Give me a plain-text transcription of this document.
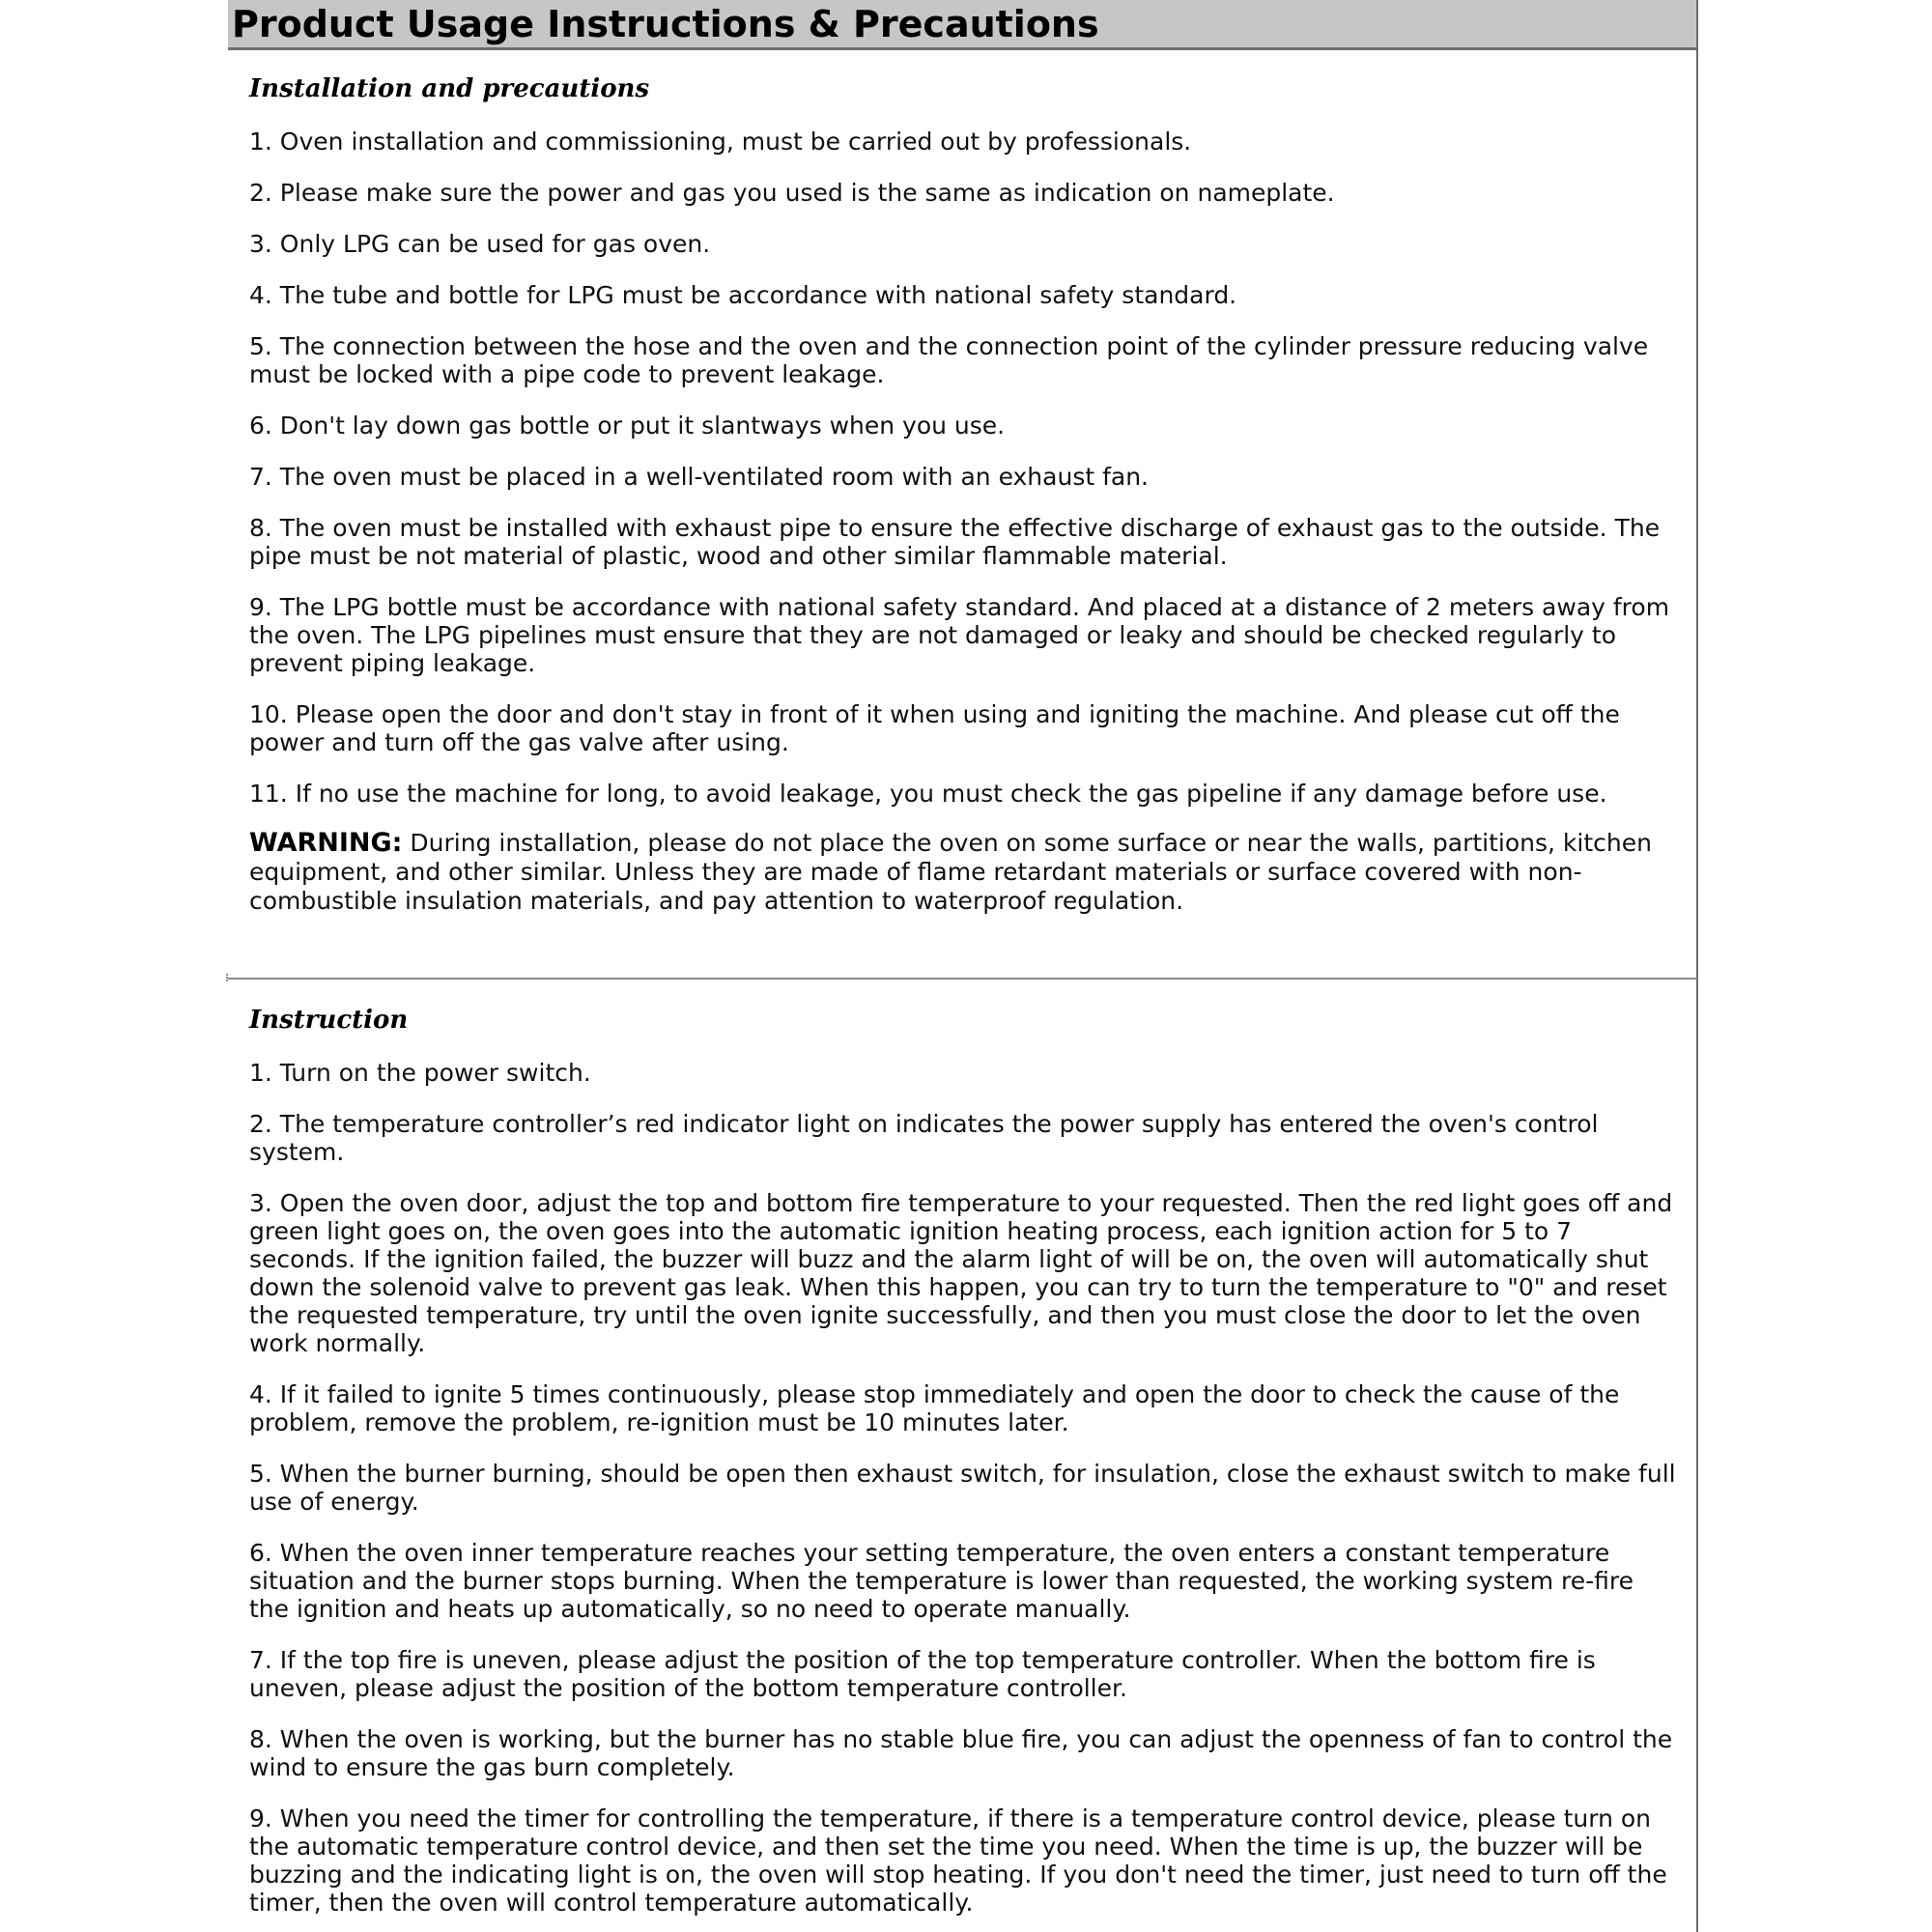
Product Usage Instructions & Precautions
Installation and precautions
1. Oven installation and commissioning, must be carried out by professionals.
2. Please make sure the power and gas you used is the same as indication on nameplate.
3. Only LPG can be used for gas oven.
4. The tube and bottle for LPG must be accordance with national safety standard.
5. The connection between the hose and the oven and the connection point of the cylinder pressure reducing valve must be locked with a pipe code to prevent leakage.
6. Don't lay down gas bottle or put it slantways when you use.
7. The oven must be placed in a well-ventilated room with an exhaust fan.
8. The oven must be installed with exhaust pipe to ensure the effective discharge of exhaust gas to the outside. The pipe must be not material of plastic, wood and other similar flammable material.
9. The LPG bottle must be accordance with national safety standard. And placed at a distance of 2 meters away from the oven. The LPG pipelines must ensure that they are not damaged or leaky and should be checked regularly to prevent piping leakage.
10. Please open the door and don't stay in front of it when using and igniting the machine. And please cut off the power and turn off the gas valve after using.
11. If no use the machine for long, to avoid leakage, you must check the gas pipeline if any damage before use.

WARNING: During installation, please do not place the oven on some surface or near the walls, partitions, kitchen equipment, and other similar. Unless they are made of flame retardant materials or surface covered with non-combustible insulation materials, and pay attention to waterproof regulation.

Instruction
1. Turn on the power switch.
2. The temperature controller’s red indicator light on indicates the power supply has entered the oven's control system.
3. Open the oven door, adjust the top and bottom fire temperature to your requested. Then the red light goes off and green light goes on, the oven goes into the automatic ignition heating process, each ignition action for 5 to 7 seconds. If the ignition failed, the buzzer will buzz and the alarm light of will be on, the oven will automatically shut down the solenoid valve to prevent gas leak. When this happen, you can try to turn the temperature to "0" and reset the requested temperature, try until the oven ignite successfully, and then you must close the door to let the oven work normally.
4. If it failed to ignite 5 times continuously, please stop immediately and open the door to check the cause of the problem, remove the problem, re-ignition must be 10 minutes later.
5. When the burner burning, should be open then exhaust switch, for insulation, close the exhaust switch to make full use of energy.
6. When the oven inner temperature reaches your setting temperature, the oven enters a constant temperature situation and the burner stops burning. When the temperature is lower than requested, the working system re-fire the ignition and heats up automatically, so no need to operate manually.
7. If the top fire is uneven, please adjust the position of the top temperature controller. When the bottom fire is uneven, please adjust the position of the bottom temperature controller.
8. When the oven is working, but the burner has no stable blue fire, you can adjust the openness of fan to control the wind to ensure the gas burn completely.
9. When you need the timer for controlling the temperature, if there is a temperature control device, please turn on the automatic temperature control device, and then set the time you need. When the time is up, the buzzer will be buzzing and the indicating light is on, the oven will stop heating. If you don't need the timer, just need to turn off the timer, then the oven will control temperature automatically.
